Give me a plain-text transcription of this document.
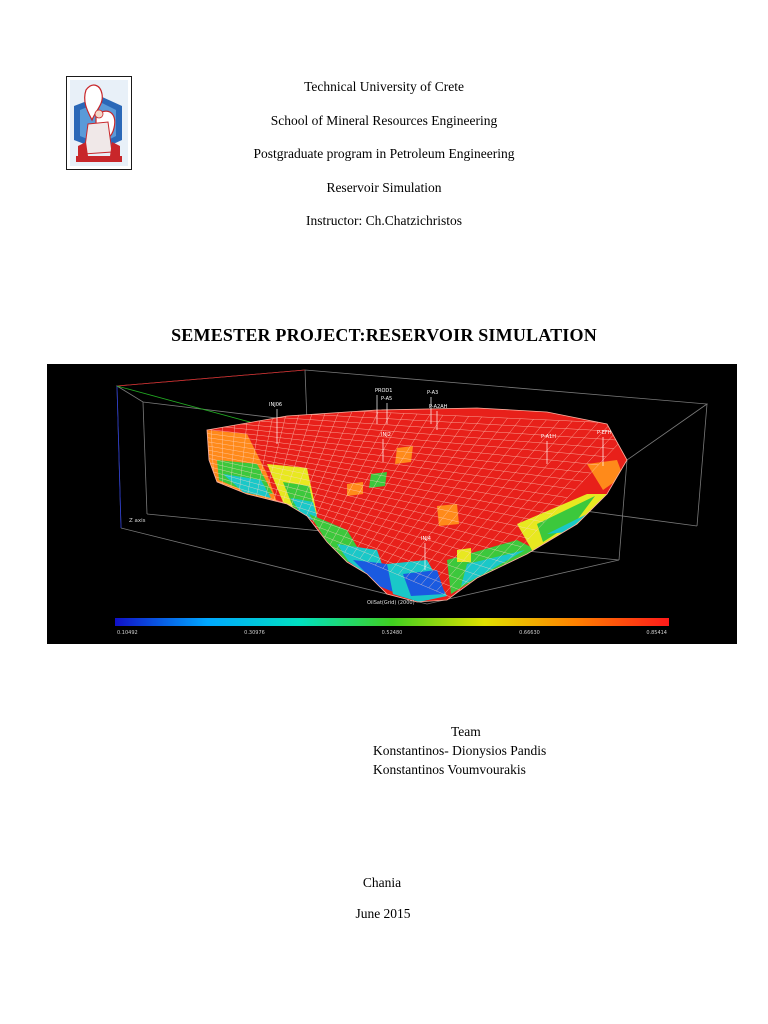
Technical University of Crete
School of Mineral Resources Engineering
Postgraduate program in Petroleum Engineering
Reservoir Simulation
Instructor: Ch.Chatzichristos
SEMESTER PROJECT:RESERVOIR SIMULATION
INJ06
PROD1
P-A5
P-A3
P-A2AH
P-A1H
P-EFH
INJ2
INJ4
Z axis
OilSat(Grid) (2000)
0.10492	0.30976	0.52480	0.66630	0.85414
Team
Konstantinos- Dionysios Pandis
Konstantinos Voumvourakis
Chania
June 2015
